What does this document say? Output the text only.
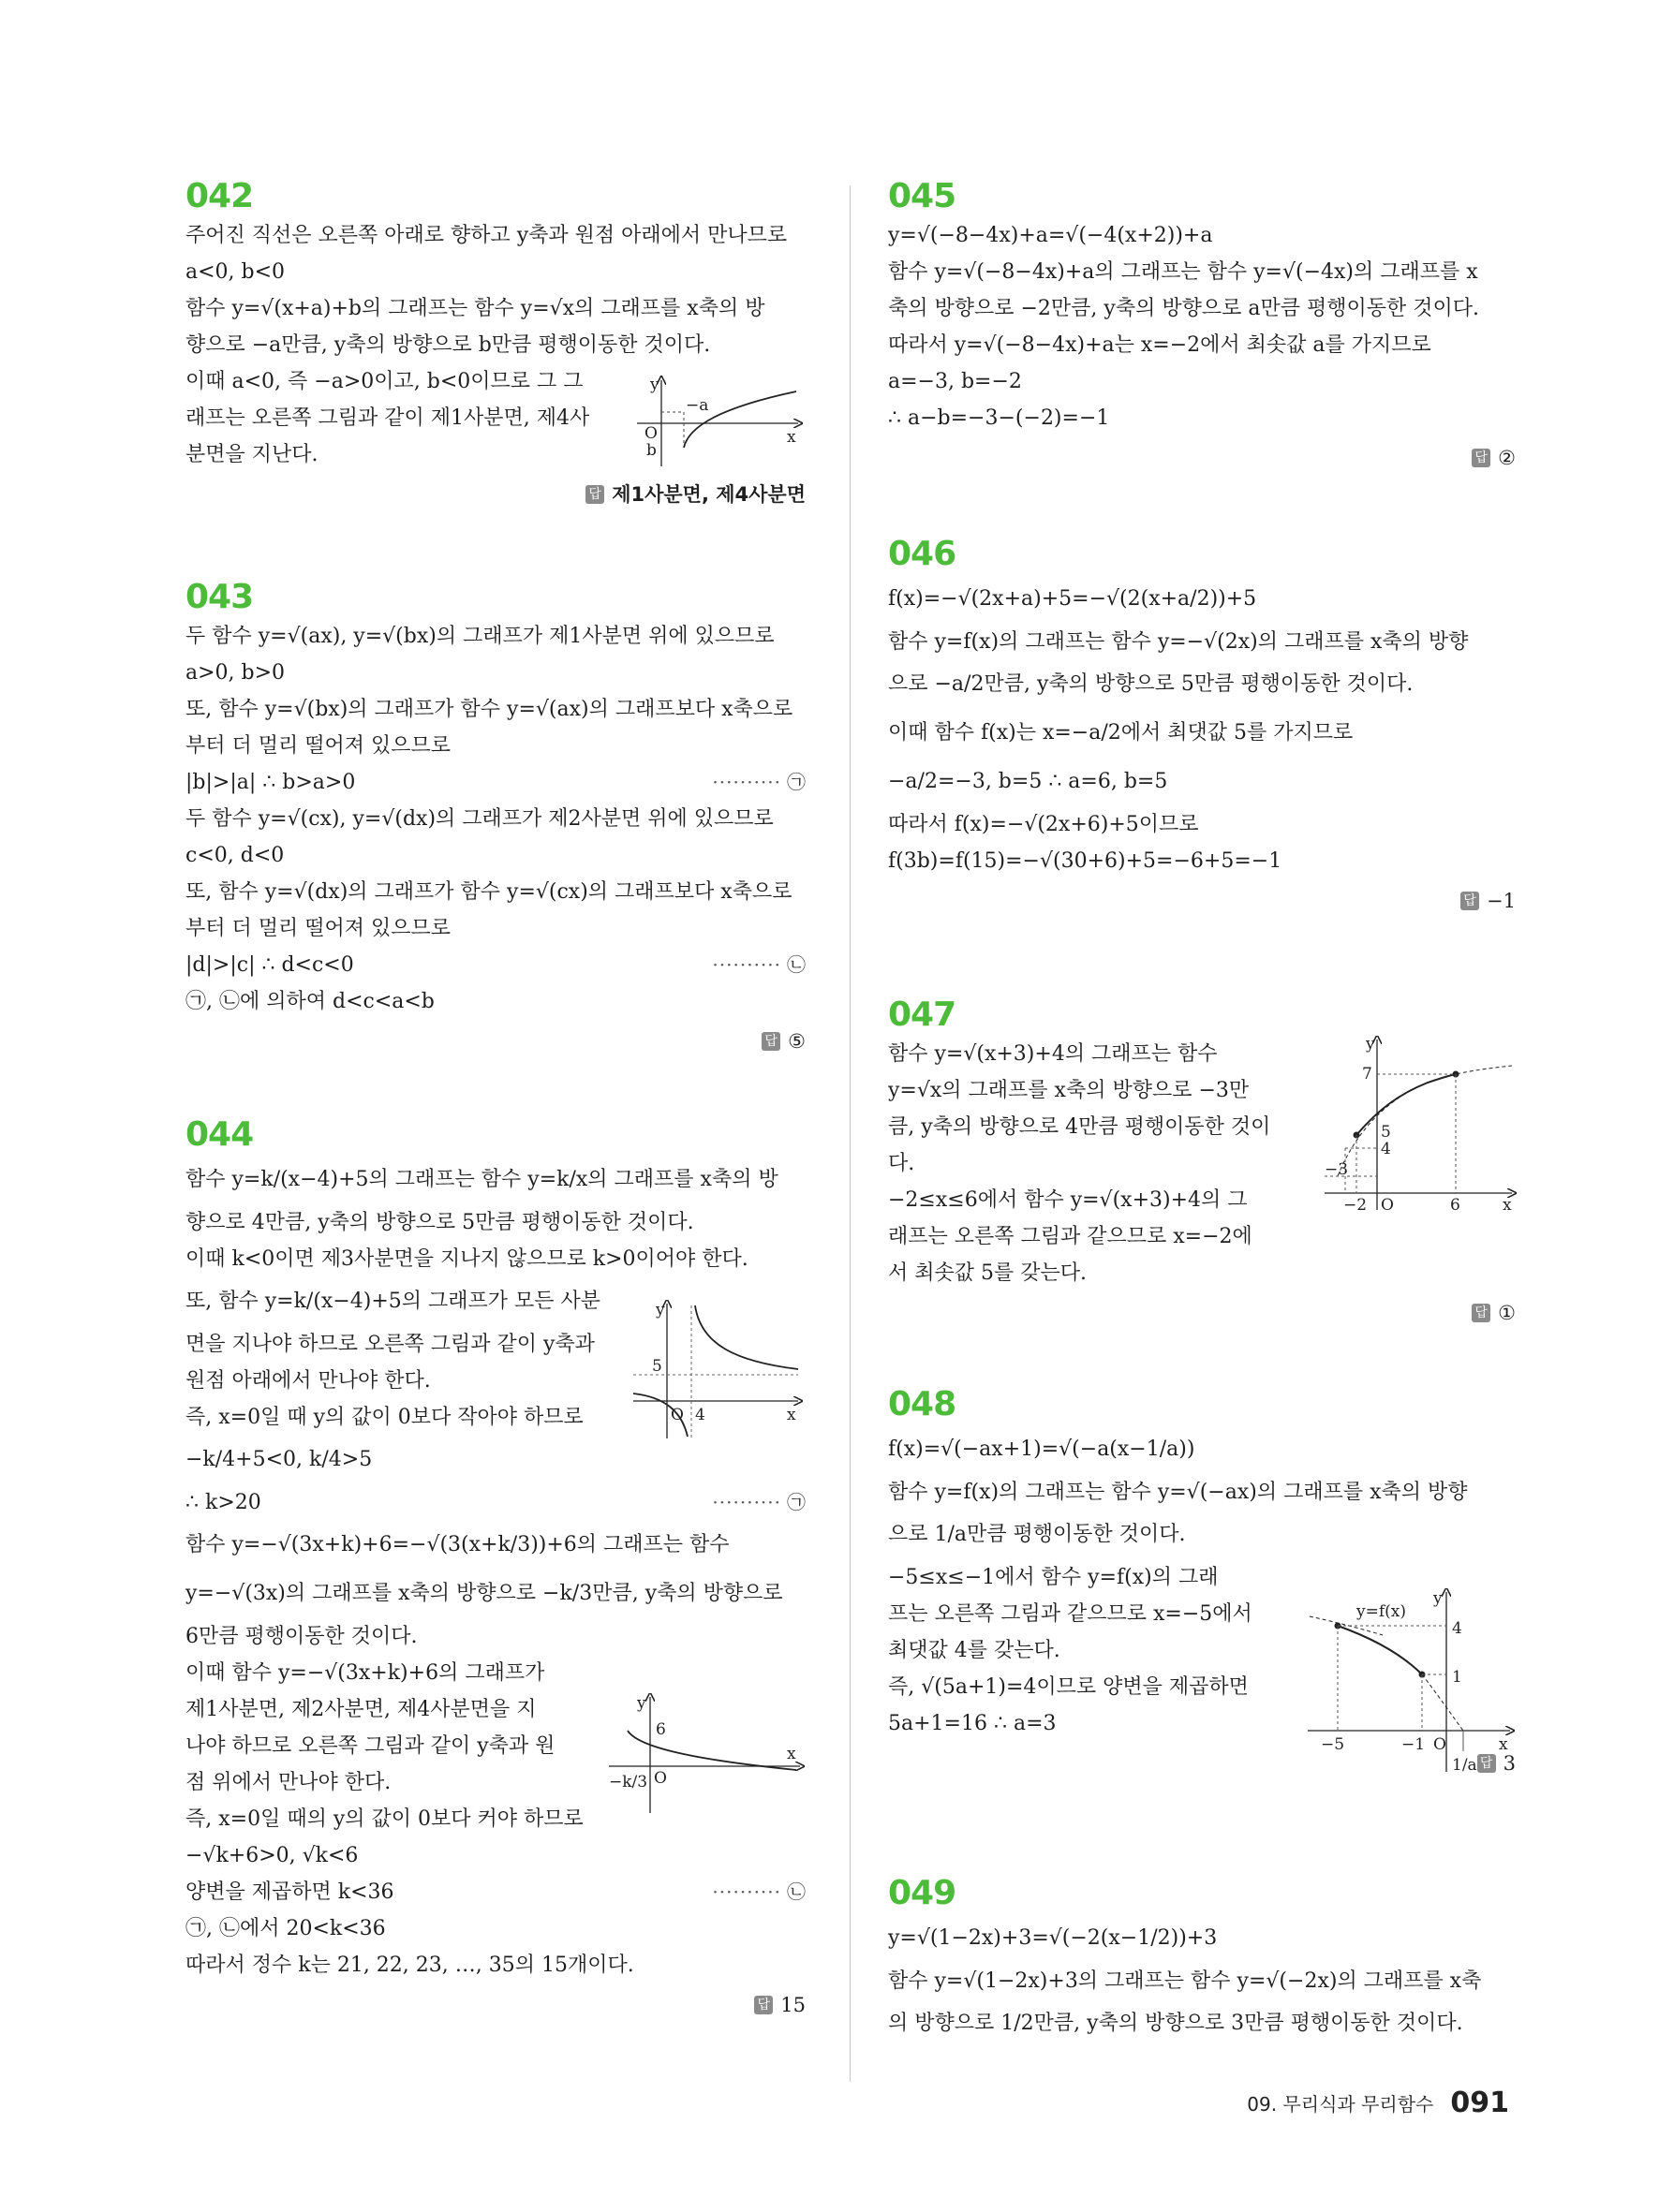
042
주어진 직선은 오른쪽 아래로 향하고 y축과 원점 아래에서 만나므로
a<0, b<0
함수 y=√(x+a)+b의 그래프는 함수 y=√x의 그래프를 x축의 방
향으로 −a만큼, y축의 방향으로 b만큼 평행이동한 것이다.
이때 a<0, 즉 −a>0이고, b<0이므로 그 그
래프는 오른쪽 그림과 같이 제1사분면, 제4사
분면을 지난다.
답 제1사분면, 제4사분면
y
x
O
−a
b
043
두 함수 y=√(ax), y=√(bx)의 그래프가 제1사분면 위에 있으므로
a>0, b>0
또, 함수 y=√(bx)의 그래프가 함수 y=√(ax)의 그래프보다 x축으로
부터 더 멀리 떨어져 있으므로
|b|>|a| ∴ b>a>0	·········· ㉠
두 함수 y=√(cx), y=√(dx)의 그래프가 제2사분면 위에 있으므로
c<0, d<0
또, 함수 y=√(dx)의 그래프가 함수 y=√(cx)의 그래프보다 x축으로
부터 더 멀리 떨어져 있으므로
|d|>|c| ∴ d<c<0	·········· ㉡
㉠, ㉡에 의하여 d<c<a<b
답 ⑤
044
함수 y=k/(x−4)+5의 그래프는 함수 y=k/x의 그래프를 x축의 방
향으로 4만큼, y축의 방향으로 5만큼 평행이동한 것이다.
이때 k<0이면 제3사분면을 지나지 않으므로 k>0이어야 한다.
또, 함수 y=k/(x−4)+5의 그래프가 모든 사분
면을 지나야 하므로 오른쪽 그림과 같이 y축과
원점 아래에서 만나야 한다.
즉, x=0일 때 y의 값이 0보다 작아야 하므로
−k/4+5<0, k/4>5
∴ k>20	·········· ㉠
함수 y=−√(3x+k)+6=−√(3(x+k/3))+6의 그래프는 함수
y=−√(3x)의 그래프를 x축의 방향으로 −k/3만큼, y축의 방향으로
6만큼 평행이동한 것이다.
이때 함수 y=−√(3x+k)+6의 그래프가
제1사분면, 제2사분면, 제4사분면을 지
나야 하므로 오른쪽 그림과 같이 y축과 원
점 위에서 만나야 한다.
즉, x=0일 때의 y의 값이 0보다 커야 하므로
−√k+6>0, √k<6
양변을 제곱하면 k<36	·········· ㉡
㉠, ㉡에서 20<k<36
따라서 정수 k는 21, 22, 23, …, 35의 15개이다.
답 15
y
x
O
5
4
y
x
O
6
−k/3
045
y=√(−8−4x)+a=√(−4(x+2))+a
함수 y=√(−8−4x)+a의 그래프는 함수 y=√(−4x)의 그래프를 x
축의 방향으로 −2만큼, y축의 방향으로 a만큼 평행이동한 것이다.
따라서 y=√(−8−4x)+a는 x=−2에서 최솟값 a를 가지므로
a=−3, b=−2
∴ a−b=−3−(−2)=−1
답 ②
046
f(x)=−√(2x+a)+5=−√(2(x+a/2))+5
함수 y=f(x)의 그래프는 함수 y=−√(2x)의 그래프를 x축의 방향
으로 −a/2만큼, y축의 방향으로 5만큼 평행이동한 것이다.
이때 함수 f(x)는 x=−a/2에서 최댓값 5를 가지므로
−a/2=−3, b=5 ∴ a=6, b=5
따라서 f(x)=−√(2x+6)+5이므로
f(3b)=f(15)=−√(30+6)+5=−6+5=−1
답 −1
047
함수 y=√(x+3)+4의 그래프는 함수
y=√x의 그래프를 x축의 방향으로 −3만
큼, y축의 방향으로 4만큼 평행이동한 것이
다.
−2≤x≤6에서 함수 y=√(x+3)+4의 그
래프는 오른쪽 그림과 같으므로 x=−2에
서 최솟값 5를 갖는다.
답 ①
y
x
O
7
5
4
−3
−2	6
048
f(x)=√(−ax+1)=√(−a(x−1/a))
함수 y=f(x)의 그래프는 함수 y=√(−ax)의 그래프를 x축의 방향
으로 1/a만큼 평행이동한 것이다.
−5≤x≤−1에서 함수 y=f(x)의 그래
프는 오른쪽 그림과 같으므로 x=−5에서
최댓값 4를 갖는다.
즉, √(5a+1)=4이므로 양변을 제곱하면
5a+1=16 ∴ a=3
답 3
y
x
O
y=f(x)
4
1
−5	−1
1/a
049
y=√(1−2x)+3=√(−2(x−1/2))+3
함수 y=√(1−2x)+3의 그래프는 함수 y=√(−2x)의 그래프를 x축
의 방향으로 1/2만큼, y축의 방향으로 3만큼 평행이동한 것이다.
09. 무리식과 무리함수 091
